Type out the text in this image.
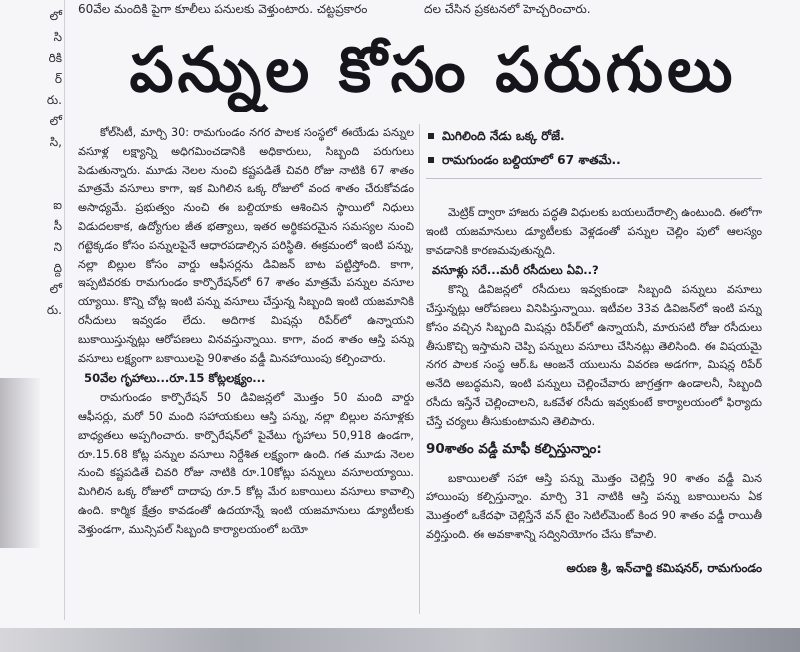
లో
సి
రికి
ర్
రు.
లో
సి,

ఐ
సీ
ని
ద్ది
లో
రు.
60వేల మందికి పైగా కూలీలు పనులకు వెళ్తుంటారు. చట్టప్రకారం	దల చేసిన ప్రకటనలో హెచ్చరించారు.
పన్నుల కోసం పరుగులు

కోల్‌సిటీ, మార్చి 30: రామగుండం నగర పాలక సంస్థలో ఈయేడు పన్నుల వసూళ్ల లక్ష్యాన్ని అధిగమించడానికి అధికారులు, సిబ్బంది పరుగులు పెడుతున్నారు. మూడు నెలల నుంచి కష్టపడితే చివరి రోజు నాటికి 67 శాతం మాత్రమే వసూలు కాగా, ఇక మిగిలిన ఒక్క రోజులో వంద శాతం చేరుకోవడం అసాధ్యమే. ప్రభుత్వం నుంచి ఈ బల్దియాకు ఆశించిన స్థాయిలో నిధులు విడుదలకాక, ఉద్యోగుల జీత భత్యాలు, ఇతర అర్థికపరమైన సమస్యల నుంచి గట్టెక్కడం కోసం పన్నులపైనే ఆధారపడాల్సిన పరిస్థితి. ఈక్రమంలో ఇంటి పన్ను, నల్లా బిల్లుల కోసం వార్డు ఆఫీసర్లను డివిజన్ బాట పట్టిస్తోంది. కాగా, ఇప్పటివరకు రామగుండం కార్పొరేషన్‌లో 67 శాతం మాత్రమే పన్నుల వసూల య్యాయి. కొన్ని చోట్ల ఇంటి పన్ను వసూలు చేస్తున్న సిబ్బంది ఇంటి యజమానికి రసీదులు ఇవ్వడం లేదు. అదిగాక మిషన్లు రిపేర్‌లో ఉన్నాయని బుకాయిస్తున్నట్లు ఆరోపణలు వినవస్తున్నాయి. కాగా, వంద శాతం ఆస్తి పన్ను వసూలు లక్ష్యంగా బకాయిలపై 90శాతం వడ్డీ మినహాయింపు కల్పించారు.

50వేల గృహాలు...రూ.15 కోట్లలక్ష్యం...

రామగుండం కార్పొరేషన్ 50 డివిజన్లలో మొత్తం 50 మంది వార్డు ఆఫీసర్లు, మరో 50 మంది సహాయకులు ఆస్తి పన్ను, నల్లా బిల్లుల వసూళ్లకు బాధ్యతలు అప్పగించారు. కార్పొరేషన్‌లో పైవేటు గృహాలు 50,918 ఉండగా, రూ.15.68 కోట్ల పన్నుల వసూలు నిర్దేశిత లక్ష్యంగా ఉంది. గత మూడు నెలల నుంచి కష్టపడితే చివరి రోజు నాటికి రూ.10కోట్లు పన్నులు వసూలయ్యాయి. మిగిలిన ఒక్క రోజులో దాదాపు రూ.5 కోట్ల మేర బకాయిలు వసూలు కావాల్సి ఉంది. కార్మిక క్షేత్రం కావడంతో ఉదయాన్నే ఇంటి యజమానులు డ్యూటీలకు వెళ్తుండగా, మున్సిపల్ సిబ్బంది కార్యాలయంలో బయో

మిగిలింది నేడు ఒక్క రోజే.
రామగుండం బల్దియాలో 67 శాతమే..

మెట్రిక్ ద్వారా హాజరు పద్ధతి విధులకు బయలుదేరాల్సి ఉంటుంది. ఈలోగా ఇంటి యజమానులు డ్యూటీలకు వెళ్లడంతో పన్నుల చెల్లిం పులో ఆలస్యం కావడానికి కారణమవుతున్నది.

వసూళ్లు సరే...మరీ రసీదులు ఏవి..?

కొన్ని డివిజన్లలో రసీదులు ఇవ్వకుండా సిబ్బంది పన్నులు వసూలు చేస్తున్నట్లు ఆరోపణలు వినిపిస్తున్నాయి. ఇటీవల 33వ డివిజన్‌లో ఇంటి పన్ను కోసం వచ్చిన సిబ్బంది మిషన్లు రిపేర్‌లో ఉన్నాయనీ, మారుసటి రోజు రసీదులు తీసుకొచ్చి ఇస్తామని చెప్పి పన్నులు వసూలు చేసినట్లు తెలిసింది. ఈ విషయమై నగర పాలక సంస్థ ఆర్.ఓ ఆంజనే యులును వివరణ అడగగా, మిషన్ల రిపేర్ అనేది అబద్ధమని, ఇంటి పన్నులు చెల్లించేవారు జాగ్రత్తగా ఉండాలనీ, సిబ్బంది రసీదు ఇస్తేనే చెల్లించాలని, ఒకవేళ రసీదు ఇవ్వకుంటే కార్యాలయంలో ఫిర్యాదు చేస్తే చర్యలు తీసుకుంటామని తెలిపారు.

90శాతం వడ్డీ మాఫీ కల్పిస్తున్నాం:

బకాయిలతో సహా ఆస్తి పన్ను మొత్తం చెల్లిస్తే 90 శాతం వడ్డీ మిన హాయింపు కల్పిస్తున్నాం. మార్చి 31 నాటికి ఆస్తి పన్ను బకాయిలను ఏక మొత్తంలో ఒకేదఫా చెల్లిస్తేనే వన్ టైం సెటిల్‌మెంట్ కింద 90 శాతం వడ్డీ రాయితీ వర్తిస్తుంది. ఈ అవకాశాన్ని సద్వినియోగం చేసు కోవాలి.

అరుణ శ్రీ, ఇన్‌చార్జి కమిషనర్, రామగుండం
